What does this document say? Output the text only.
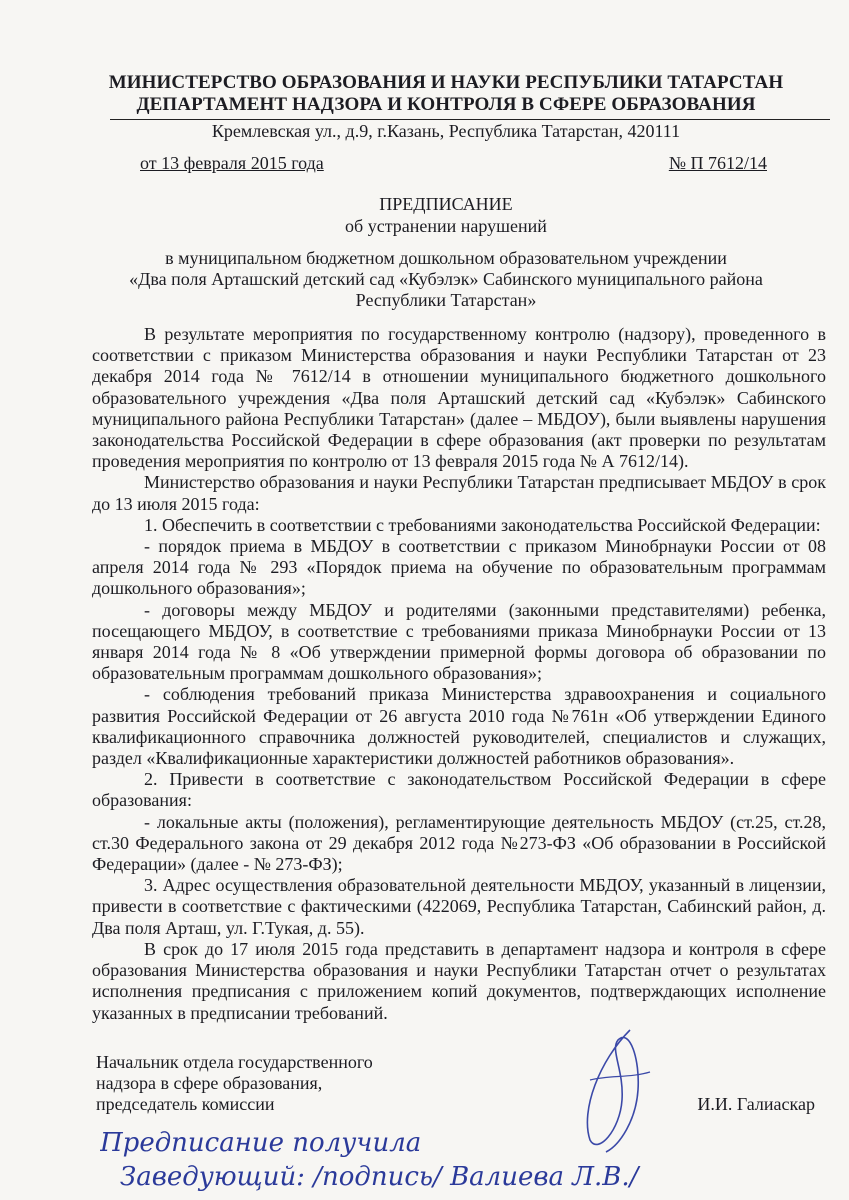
МИНИСТЕРСТВО ОБРАЗОВАНИЯ И НАУКИ РЕСПУБЛИКИ ТАТАРСТАН
ДЕПАРТАМЕНТ НАДЗОРА И КОНТРОЛЯ В СФЕРЕ ОБРАЗОВАНИЯ
Кремлевская ул., д.9, г.Казань, Республика Татарстан, 420111
от 13 февраля 2015 года	№ П 7612/14
ПРЕДПИСАНИЕ
об устранении нарушений
в муниципальном бюджетном дошкольном образовательном учреждении
«Два поля Арташский детский сад «Кубэлэк» Сабинского муниципального района
Республики Татарстан»

В результате мероприятия по государственному контролю (надзору), проведенного в соответствии с приказом Министерства образования и науки Республики Татарстан от 23 декабря 2014 года № 7612/14 в отношении муниципального бюджетного дошкольного образовательного учреждения «Два поля Арташский детский сад «Кубэлэк» Сабинского муниципального района Республики Татарстан» (далее – МБДОУ), были выявлены нарушения законодательства Российской Федерации в сфере образования (акт проверки по результатам проведения мероприятия по контролю от 13 февраля 2015 года № А 7612/14).

Министерство образования и науки Республики Татарстан предписывает МБДОУ в срок до 13 июля 2015 года:

1. Обеспечить в соответствии с требованиями законодательства Российской Федерации:

- порядок приема в МБДОУ в соответствии с приказом Минобрнауки России от 08 апреля 2014 года № 293 «Порядок приема на обучение по образовательным программам дошкольного образования»;

- договоры между МБДОУ и родителями (законными представителями) ребенка, посещающего МБДОУ, в соответствие с требованиями приказа Минобрнауки России от 13 января 2014 года № 8 «Об утверждении примерной формы договора об образовании по образовательным программам дошкольного образования»;

- соблюдения требований приказа Министерства здравоохранения и социального развития Российской Федерации от 26 августа 2010 года №761н «Об утверждении Единого квалификационного справочника должностей руководителей, специалистов и служащих, раздел «Квалификационные характеристики должностей работников образования».

2. Привести в соответствие с законодательством Российской Федерации в сфере образования:

- локальные акты (положения), регламентирующие деятельность МБДОУ (ст.25, ст.28, ст.30 Федерального закона от 29 декабря 2012 года №273-ФЗ «Об образовании в Российской Федерации» (далее - № 273-ФЗ);

3. Адрес осуществления образовательной деятельности МБДОУ, указанный в лицензии, привести в соответствие с фактическими (422069, Республика Татарстан, Сабинский район, д. Два поля Арташ, ул. Г.Тукая, д. 55).

В срок до 17 июля 2015 года представить в департамент надзора и контроля в сфере образования Министерства образования и науки Республики Татарстан отчет о результатах исполнения предписания с приложением копий документов, подтверждающих исполнение указанных в предписании требований.

Начальник отдела государственного
надзора в сфере образования,
председатель комиссии	И.И. Галиаскар
Предписание получила
Заведующий: /подпись/ Валиева Л.В./
